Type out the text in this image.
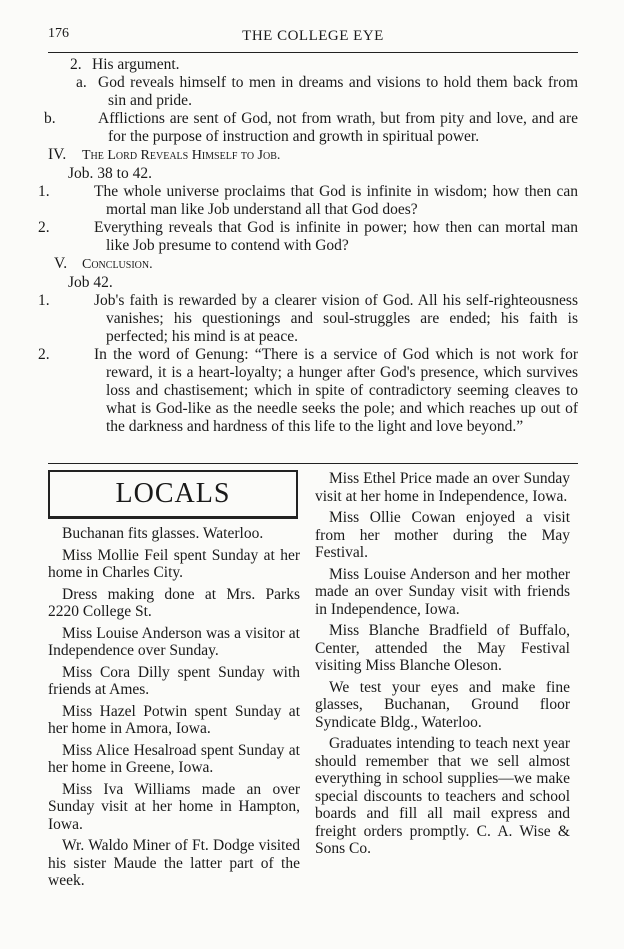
176	THE COLLEGE EYE
2. His argument.
a. God reveals himself to men in dreams and visions to hold them back from sin and pride.
b.	Afflictions are sent of God, not from wrath, but from pity and love, and are for the purpose of instruction and growth in spiritual power.
IV. The Lord Reveals Himself to Job.
Job. 38 to 42.
1.	The whole universe proclaims that God is infinite in wisdom; how then can mortal man like Job understand all that God does?
2.	Everything reveals that God is infinite in power; how then can mortal man like Job presume to contend with God?
V. Conclusion.
Job 42.
1.	Job's faith is rewarded by a clearer vision of God. All his self-righteousness vanishes; his questionings and soul-struggles are ended; his faith is perfected; his mind is at peace.
2.	In the word of Genung: “There is a service of God which is not work for reward, it is a heart-loyalty; a hunger after God's presence, which survives loss and chastisement; which in spite of contradictory seeming cleaves to what is God-like as the needle seeks the pole; and which reaches up out of the darkness and hardness of this life to the light and love beyond.”
LOCALS

Buchanan fits glasses. Waterloo.

Miss Mollie Feil spent Sunday at her home in Charles City.

Dress making done at Mrs. Parks 2220 College St.

Miss Louise Anderson was a visitor at Independence over Sunday.

Miss Cora Dilly spent Sunday with friends at Ames.

Miss Hazel Potwin spent Sunday at her home in Amora, Iowa.

Miss Alice Hesalroad spent Sunday at her home in Greene, Iowa.

Miss Iva Williams made an over Sunday visit at her home in Hampton, Iowa.

Wr. Waldo Miner of Ft. Dodge visited his sister Maude the latter part of the week.

Miss Ethel Price made an over Sunday visit at her home in Independence, Iowa.

Miss Ollie Cowan enjoyed a visit from her mother during the May Festival.

Miss Louise Anderson and her mother made an over Sunday visit with friends in Independence, Iowa.

Miss Blanche Bradfield of Buffalo, Center, attended the May Festival visiting Miss Blanche Oleson.

We test your eyes and make fine glasses, Buchanan, Ground floor Syndicate Bldg., Waterloo.

Graduates intending to teach next year should remember that we sell almost everything in school supplies—we make special discounts to teachers and school boards and fill all mail express and freight orders promptly. C. A. Wise & Sons Co.
